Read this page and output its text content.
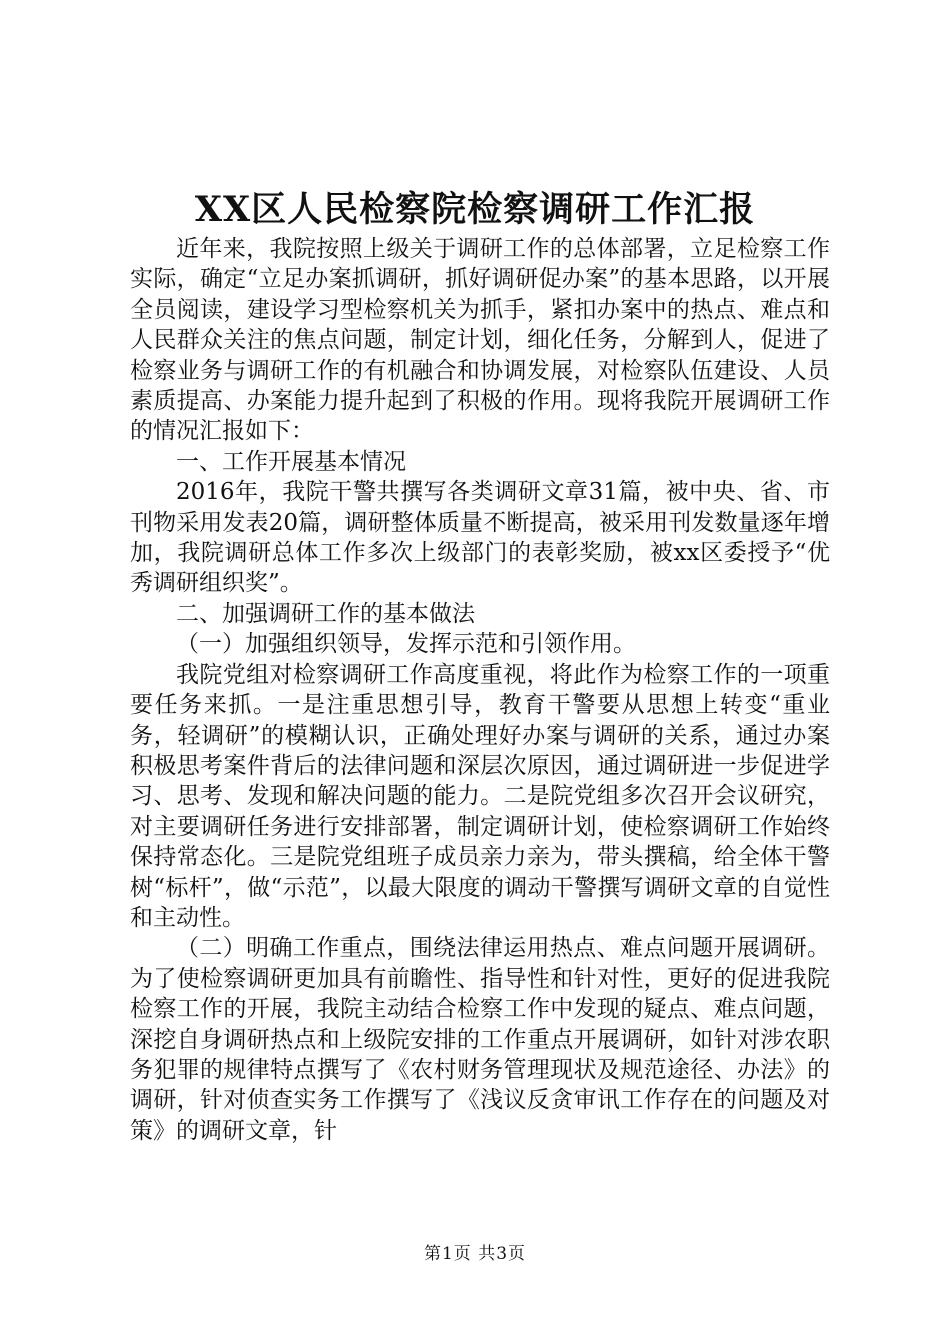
XX区人民检察院检察调研工作汇报

近年来，我院按照上级关于调研工作的总体部署，立足检察工作实际，确定“立足办案抓调研，抓好调研促办案”的基本思路，以开展全员阅读，建设学习型检察机关为抓手，紧扣办案中的热点、难点和人民群众关注的焦点问题，制定计划，细化任务，分解到人，促进了检察业务与调研工作的有机融合和协调发展，对检察队伍建设、人员素质提高、办案能力提升起到了积极的作用。现将我院开展调研工作的情况汇报如下：

一、工作开展基本情况

2016年，我院干警共撰写各类调研文章31篇，被中央、省、市刊物采用发表20篇，调研整体质量不断提高，被采用刊发数量逐年增加，我院调研总体工作多次上级部门的表彰奖励，被xx区委授予“优秀调研组织奖”。

二、加强调研工作的基本做法

（一）加强组织领导，发挥示范和引领作用。

我院党组对检察调研工作高度重视，将此作为检察工作的一项重要任务来抓。一是注重思想引导，教育干警要从思想上转变“重业务，轻调研”的模糊认识，正确处理好办案与调研的关系，通过办案积极思考案件背后的法律问题和深层次原因，通过调研进一步促进学习、思考、发现和解决问题的能力。二是院党组多次召开会议研究，对主要调研任务进行安排部署，制定调研计划，使检察调研工作始终保持常态化。三是院党组班子成员亲力亲为，带头撰稿，给全体干警树“标杆”，做“示范”，以最大限度的调动干警撰写调研文章的自觉性和主动性。

（二）明确工作重点，围绕法律运用热点、难点问题开展调研。为了使检察调研更加具有前瞻性、指导性和针对性，更好的促进我院检察工作的开展，我院主动结合检察工作中发现的疑点、难点问题，深挖自身调研热点和上级院安排的工作重点开展调研，如针对涉农职务犯罪的规律特点撰写了《农村财务管理现状及规范途径、办法》的调研，针对侦查实务工作撰写了《浅议反贪审讯工作存在的问题及对策》的调研文章，针

第1页 共3页
